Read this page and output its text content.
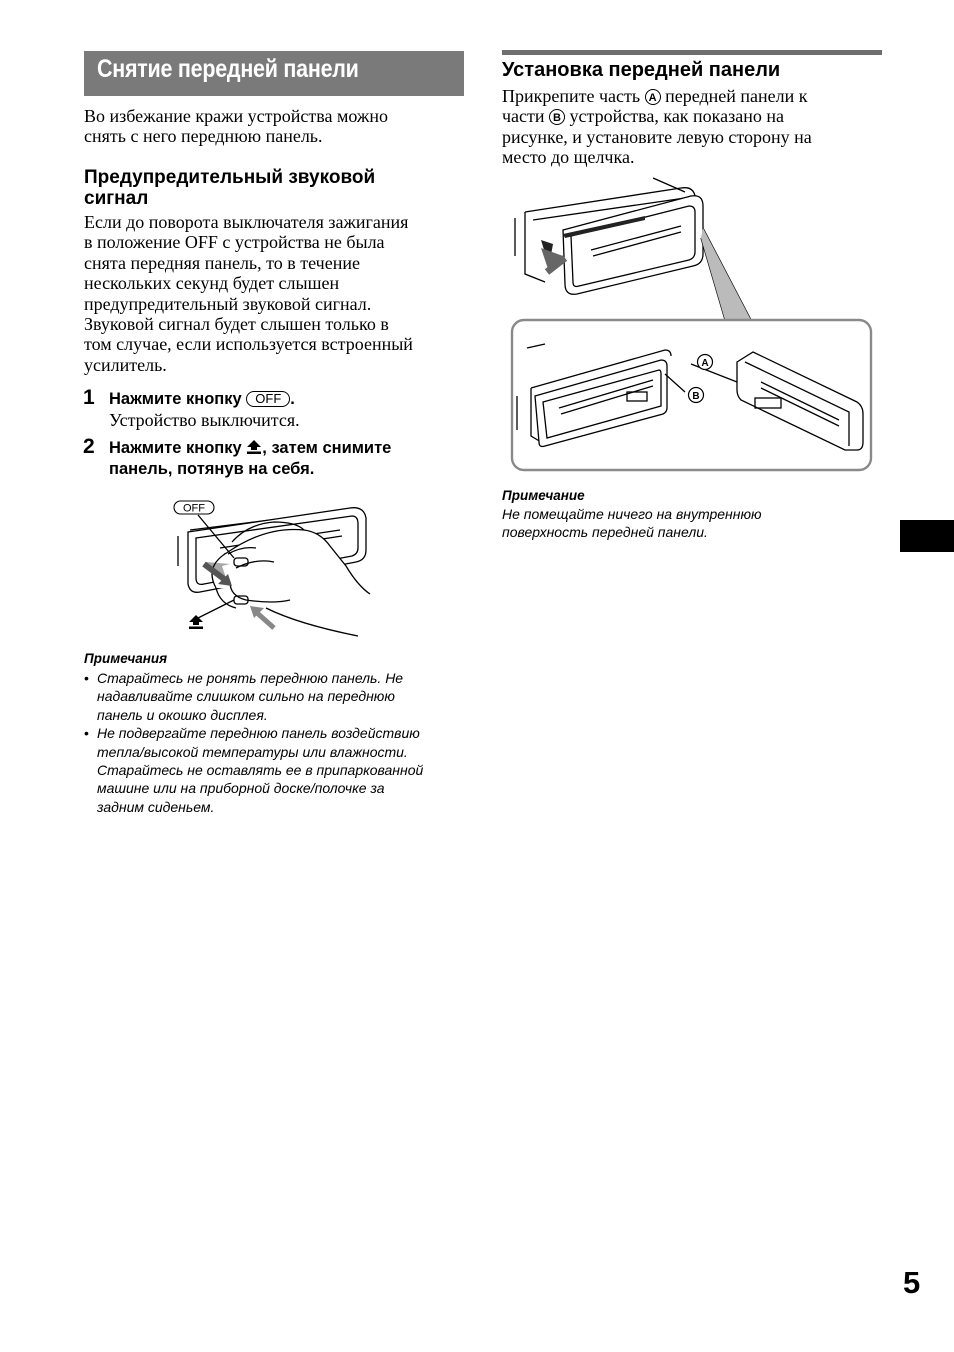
Снятие передней панели
Во избежание кражи устройства можно
снять с него переднюю панель.
Предупредительный звуковой
сигнал
Если до поворота выключателя зажигания
в положение OFF с устройства не была
снята передняя панель, то в течение
нескольких секунд будет слышен
предупредительный звуковой сигнал.
Звуковой сигнал будет слышен только в
том случае, если используется встроенный
усилитель.
1 Нажмите кнопку OFF .
Устройство выключится.
2 Нажмите кнопку , затем снимите
панель, потянув на себя.
OFF
Примечания
• Старайтесь не ронять переднюю панель. Не
надавливайте слишком сильно на переднюю
панель и окошко дисплея.
• Не подвергайте переднюю панель воздействию
тепла/высокой температуры или влажности.
Старайтесь не оставлять ее в припаркованной
машине или на приборной доске/полочке за
задним сиденьем.
Установка передней панели
Прикрепите часть A передней панели к
части B устройства, как показано на
рисунке, и установите левую сторону на
место до щелчка.
A
B
Примечание
Не помещайте ничего на внутреннюю
поверхность передней панели.
5
